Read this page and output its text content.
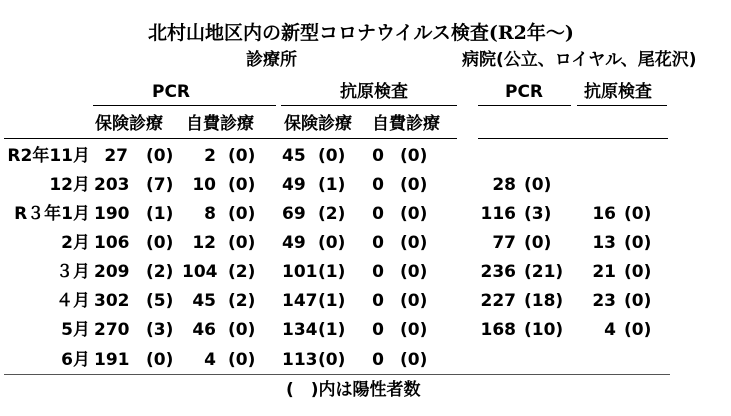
北村山地区内の新型コロナウイルス検査(R2年～)
診療所	病院(公立、ロイヤル、尾花沢)
PCR	抗原検査	PCR 抗原検査
保険診療 自費診療 保険診療 自費診療
R2年11月 27 (0)	2 (0) 45 (0)	0 (0)
12月 203 (7)	10 (0) 49 (1)	0 (0)	28 (0)
R３年1月 190 (1)	8 (0) 69 (2)	0 (0)	116 (3)	16 (0)
2月 106 (0)	12 (0) 49 (0)	0 (0)	77 (0)	13 (0)
３月 209 (2) 104 (2) 101 (1)	0 (0)	236 (21)	21 (0)
４月 302 (5)	45 (2) 147 (1)	0 (0)	227 (18)	23 (0)
5月 270 (3)	46 (0) 134 (1)	0 (0)	168 (10)	4 (0)
6月 191 (0)	4 (0) 113 (0)	0 (0)
(　)内は陽性者数
